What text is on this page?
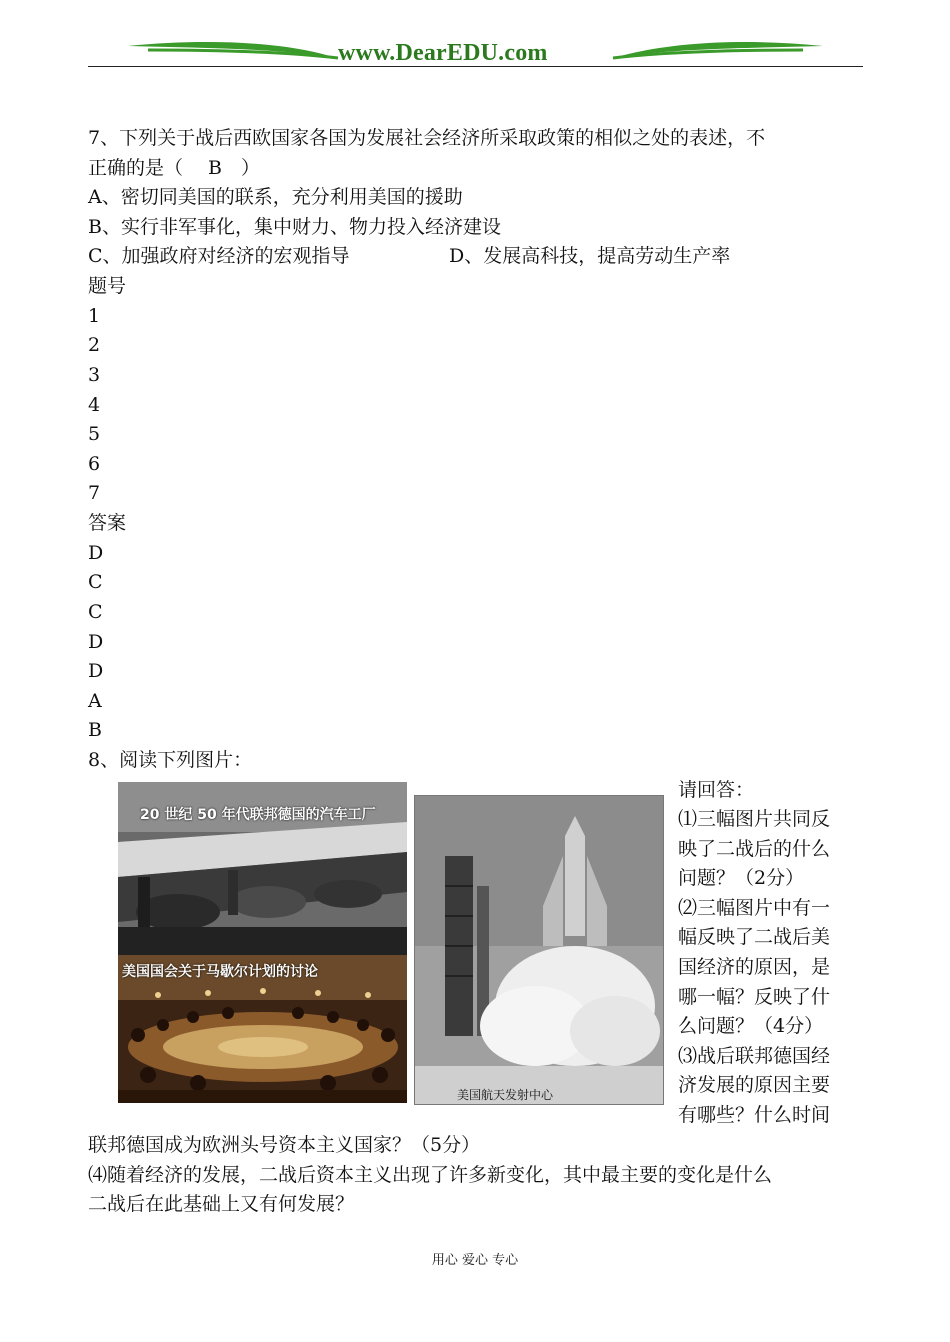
www.DearEDU.com
7、下列关于战后西欧国家各国为发展社会经济所采取政策的相似之处的表述，不
正确的是（　 B　）
A、密切同美国的联系，充分利用美国的援助
B、实行非军事化，集中财力、物力投入经济建设
C、加强政府对经济的宏观指导	D、发展高科技，提高劳动生产率
题号
1
2
3
4
5
6
7
答案
D
C
C
D
D
A
B
8、阅读下列图片：
20 世纪 50 年代联邦德国的汽车工厂
美国国会关于马歇尔计划的讨论
美国航天发射中心
请回答：
⑴三幅图片共同反
映了二战后的什么
问题？（2分）
⑵三幅图片中有一
幅反映了二战后美
国经济的原因，是
哪一幅？反映了什
么问题？（4分）
⑶战后联邦德国经
济发展的原因主要
有哪些？什么时间
联邦德国成为欧洲头号资本主义国家？（5分）
⑷随着经济的发展，二战后资本主义出现了许多新变化，其中最主要的变化是什么
二战后在此基础上又有何发展？
用心 爱心 专心
